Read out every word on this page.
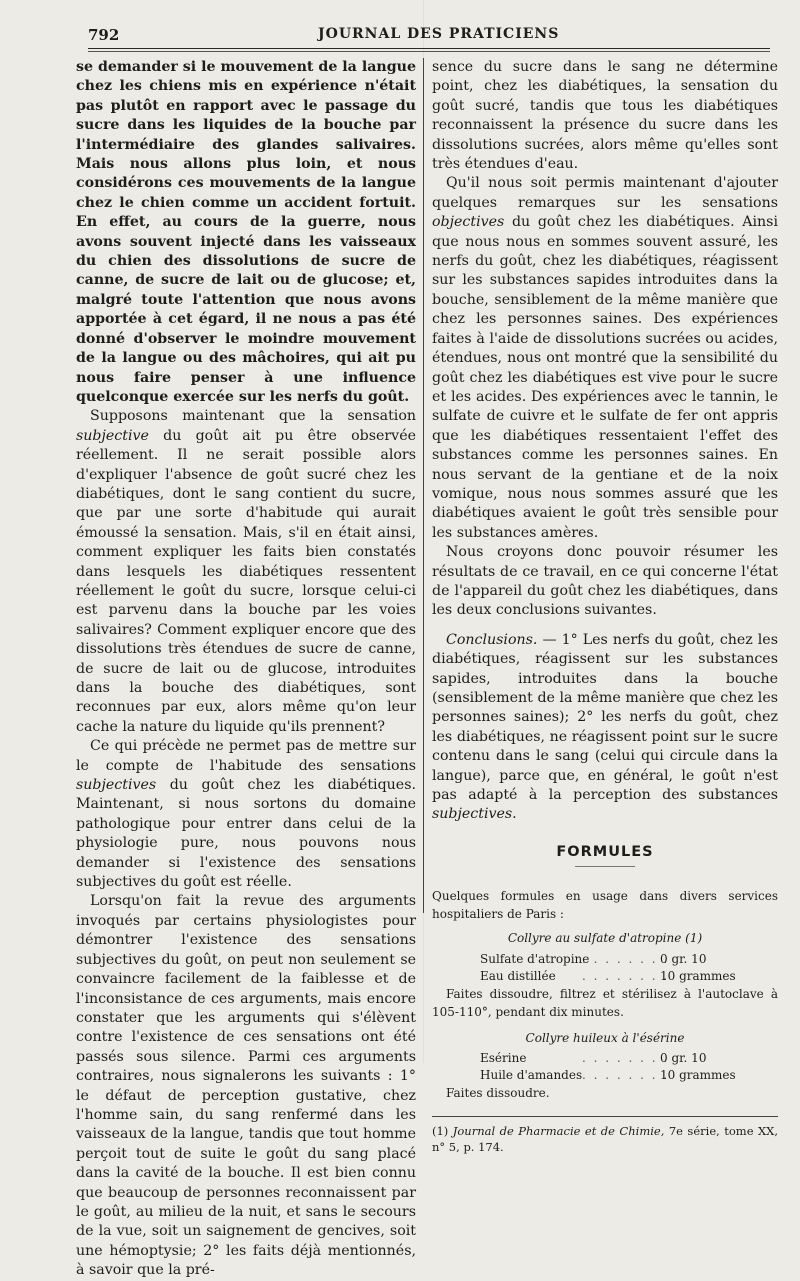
792	JOURNAL DES PRATICIENS

se demander si le mouvement de la langue chez les chiens mis en expérience n'était pas plutôt en rapport avec le passage du sucre dans les liquides de la bouche par l'intermédiaire des glandes salivaires. Mais nous allons plus loin, et nous considérons ces mouvements de la langue chez le chien comme un accident fortuit. En effet, au cours de la guerre, nous avons souvent injecté dans les vaisseaux du chien des dissolutions de sucre de canne, de sucre de lait ou de glucose; et, malgré toute l'attention que nous avons apportée à cet égard, il ne nous a pas été donné d'observer le moindre mouvement de la langue ou des mâchoires, qui ait pu nous faire penser à une influence quelconque exercée sur les nerfs du goût.

Supposons maintenant que la sensation subjective du goût ait pu être observée réellement. Il ne serait possible alors d'expliquer l'absence de goût sucré chez les diabétiques, dont le sang contient du sucre, que par une sorte d'habitude qui aurait émoussé la sensation. Mais, s'il en était ainsi, comment expliquer les faits bien constatés dans lesquels les diabétiques ressentent réellement le goût du sucre, lorsque celui-ci est parvenu dans la bouche par les voies salivaires? Comment expliquer encore que des dissolutions très étendues de sucre de canne, de sucre de lait ou de glucose, introduites dans la bouche des diabétiques, sont reconnues par eux, alors même qu'on leur cache la nature du liquide qu'ils prennent?

Ce qui précède ne permet pas de mettre sur le compte de l'habitude des sensations subjectives du goût chez les diabétiques. Maintenant, si nous sortons du domaine pathologique pour entrer dans celui de la physiologie pure, nous pouvons nous demander si l'existence des sensations subjectives du goût est réelle.

Lorsqu'on fait la revue des arguments invoqués par certains physiologistes pour démontrer l'existence des sensations subjectives du goût, on peut non seulement se convaincre facilement de la faiblesse et de l'inconsistance de ces arguments, mais encore constater que les arguments qui s'élèvent contre l'existence de ces sensations ont été passés sous silence. Parmi ces arguments contraires, nous signalerons les suivants : 1° le défaut de perception gustative, chez l'homme sain, du sang renfermé dans les vaisseaux de la langue, tandis que tout homme perçoit tout de suite le goût du sang placé dans la cavité de la bouche. Il est bien connu que beaucoup de personnes reconnaissent par le goût, au milieu de la nuit, et sans le secours de la vue, soit un saignement de gencives, soit une hémoptysie; 2° les faits déjà mentionnés, à savoir que la pré-

sence du sucre dans le sang ne détermine point, chez les diabétiques, la sensation du goût sucré, tandis que tous les diabétiques reconnaissent la présence du sucre dans les dissolutions sucrées, alors même qu'elles sont très étendues d'eau.

Qu'il nous soit permis maintenant d'ajouter quelques remarques sur les sensations objectives du goût chez les diabétiques. Ainsi que nous nous en sommes souvent assuré, les nerfs du goût, chez les diabétiques, réagissent sur les substances sapides introduites dans la bouche, sensiblement de la même manière que chez les personnes saines. Des expériences faites à l'aide de dissolutions sucrées ou acides, étendues, nous ont montré que la sensibilité du goût chez les diabétiques est vive pour le sucre et les acides. Des expériences avec le tannin, le sulfate de cuivre et le sulfate de fer ont appris que les diabétiques ressentaient l'effet des substances comme les personnes saines. En nous servant de la gentiane et de la noix vomique, nous nous sommes assuré que les diabétiques avaient le goût très sensible pour les substances amères.

Nous croyons donc pouvoir résumer les résultats de ce travail, en ce qui concerne l'état de l'appareil du goût chez les diabétiques, dans les deux conclusions suivantes.

Conclusions. — 1° Les nerfs du goût, chez les diabétiques, réagissent sur les substances sapides, introduites dans la bouche (sensiblement de la même manière que chez les personnes saines); 2° les nerfs du goût, chez les diabétiques, ne réagissent point sur le sucre contenu dans le sang (celui qui circule dans la langue), parce que, en général, le goût n'est pas adapté à la perception des substances subjectives.

FORMULES

Quelques formules en usage dans divers services hospitaliers de Paris :

Collyre au sulfate d'atropine (1)
Sulfate d'atropine
. . . . . . . .
0 gr. 10
Eau distillée . . . . . . . .
10 grammes

Faites dissoudre, filtrez et stérilisez à l'autoclave à 105-110°, pendant dix minutes.

Collyre huileux à l'ésérine
Esérine	. . . . . . . .
0 gr. 10
Huile d'amandes . . . . . . . .
10 grammes

Faites dissoudre.

(1) Journal de Pharmacie et de Chimie, 7e série, tome XX, n° 5, p. 174.
